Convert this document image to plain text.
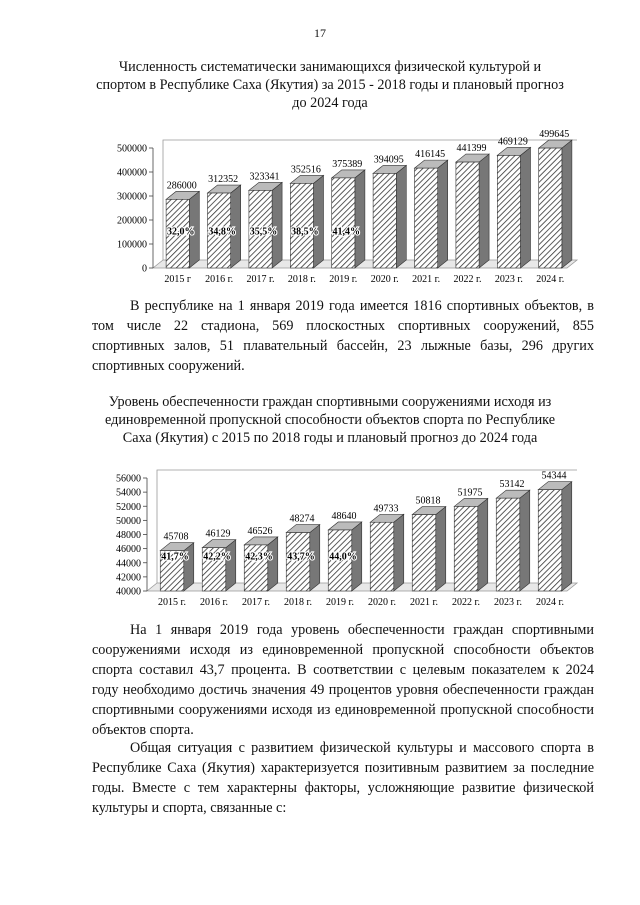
17
Численность систематически занимающихся физической культурой и спортом в Республике Саха (Якутия) за 2015 - 2018 годы и плановый прогноз до 2024 года
0
100000
200000
300000
400000
500000
286000
32,0%
2015 г
312352
34,8%
2016 г.
323341
35,5%
2017 г.
352516
38,5%
2018 г.
375389
41,4%
2019 г.
394095
2020 г.
416145
2021 г.
441399
2022 г.
469129
2023 г.
499645
2024 г.

В республике на 1 января 2019 года имеется 1816 спортивных объектов, в том числе 22 стадиона, 569 плоскостных спортивных сооружений, 855 спортивных залов, 51 плавательный бассейн, 23 лыжные базы, 296 других спортивных сооружений.

Уровень обеспеченности граждан спортивными сооружениями исходя из единовременной пропускной способности объектов спорта по Республике Саха (Якутия) с 2015 по 2018 годы и плановый прогноз до 2024 года
40000
42000
44000
46000
48000
50000
52000
54000
56000
45708
41,7%
2015 г.
46129
42,2%
2016 г.
46526
42,3%
2017 г.
48274
43,7%
2018 г.
48640
44,0%
2019 г.
49733
2020 г.
50818
2021 г.
51975
2022 г.
53142
2023 г.
54344
2024 г.

На 1 января 2019 года уровень обеспеченности граждан спортивными сооружениями исходя из единовременной пропускной способности объектов спорта составил 43,7 процента. В соответствии с целевым показателем к 2024 году необходимо достичь значения 49 процентов уровня обеспеченности граждан спортивными сооружениями исходя из единовременной пропускной способности объектов спорта.

Общая ситуация с развитием физической культуры и массового спорта в Республике Саха (Якутия) характеризуется позитивным развитием за последние годы. Вместе с тем характерны факторы, усложняющие развитие физической культуры и спорта, связанные с:
